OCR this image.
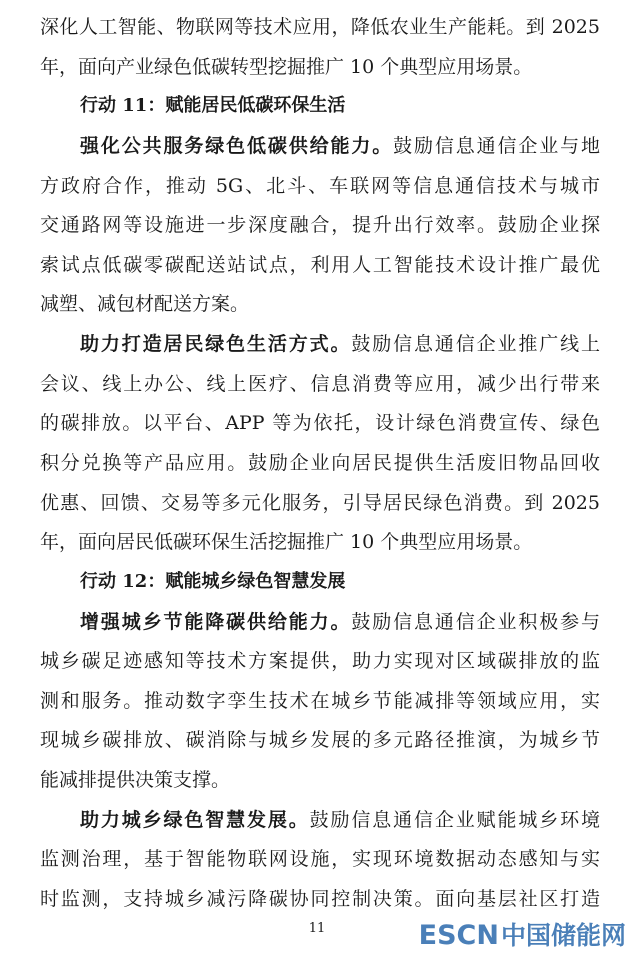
深化人工智能、物联网等技术应用，降低农业生产能耗。到 2025
年，面向产业绿色低碳转型挖掘推广 10 个典型应用场景。
行动 11：赋能居民低碳环保生活
强化公共服务绿色低碳供给能力。鼓励信息通信企业与地
方政府合作，推动 5G、北斗、车联网等信息通信技术与城市
交通路网等设施进一步深度融合，提升出行效率。鼓励企业探
索试点低碳零碳配送站试点，利用人工智能技术设计推广最优
减塑、减包材配送方案。
助力打造居民绿色生活方式。鼓励信息通信企业推广线上
会议、线上办公、线上医疗、信息消费等应用，减少出行带来
的碳排放。以平台、APP 等为依托，设计绿色消费宣传、绿色
积分兑换等产品应用。鼓励企业向居民提供生活废旧物品回收
优惠、回馈、交易等多元化服务，引导居民绿色消费。到 2025
年，面向居民低碳环保生活挖掘推广 10 个典型应用场景。
行动 12：赋能城乡绿色智慧发展
增强城乡节能降碳供给能力。鼓励信息通信企业积极参与
城乡碳足迹感知等技术方案提供，助力实现对区域碳排放的监
测和服务。推动数字孪生技术在城乡节能减排等领域应用，实
现城乡碳排放、碳消除与城乡发展的多元路径推演，为城乡节
能减排提供决策支撑。
助力城乡绿色智慧发展。鼓励信息通信企业赋能城乡环境
监测治理，基于智能物联网设施，实现环境数据动态感知与实
时监测，支持城乡减污降碳协同控制决策。面向基层社区打造
11	ESCN中国储能网
